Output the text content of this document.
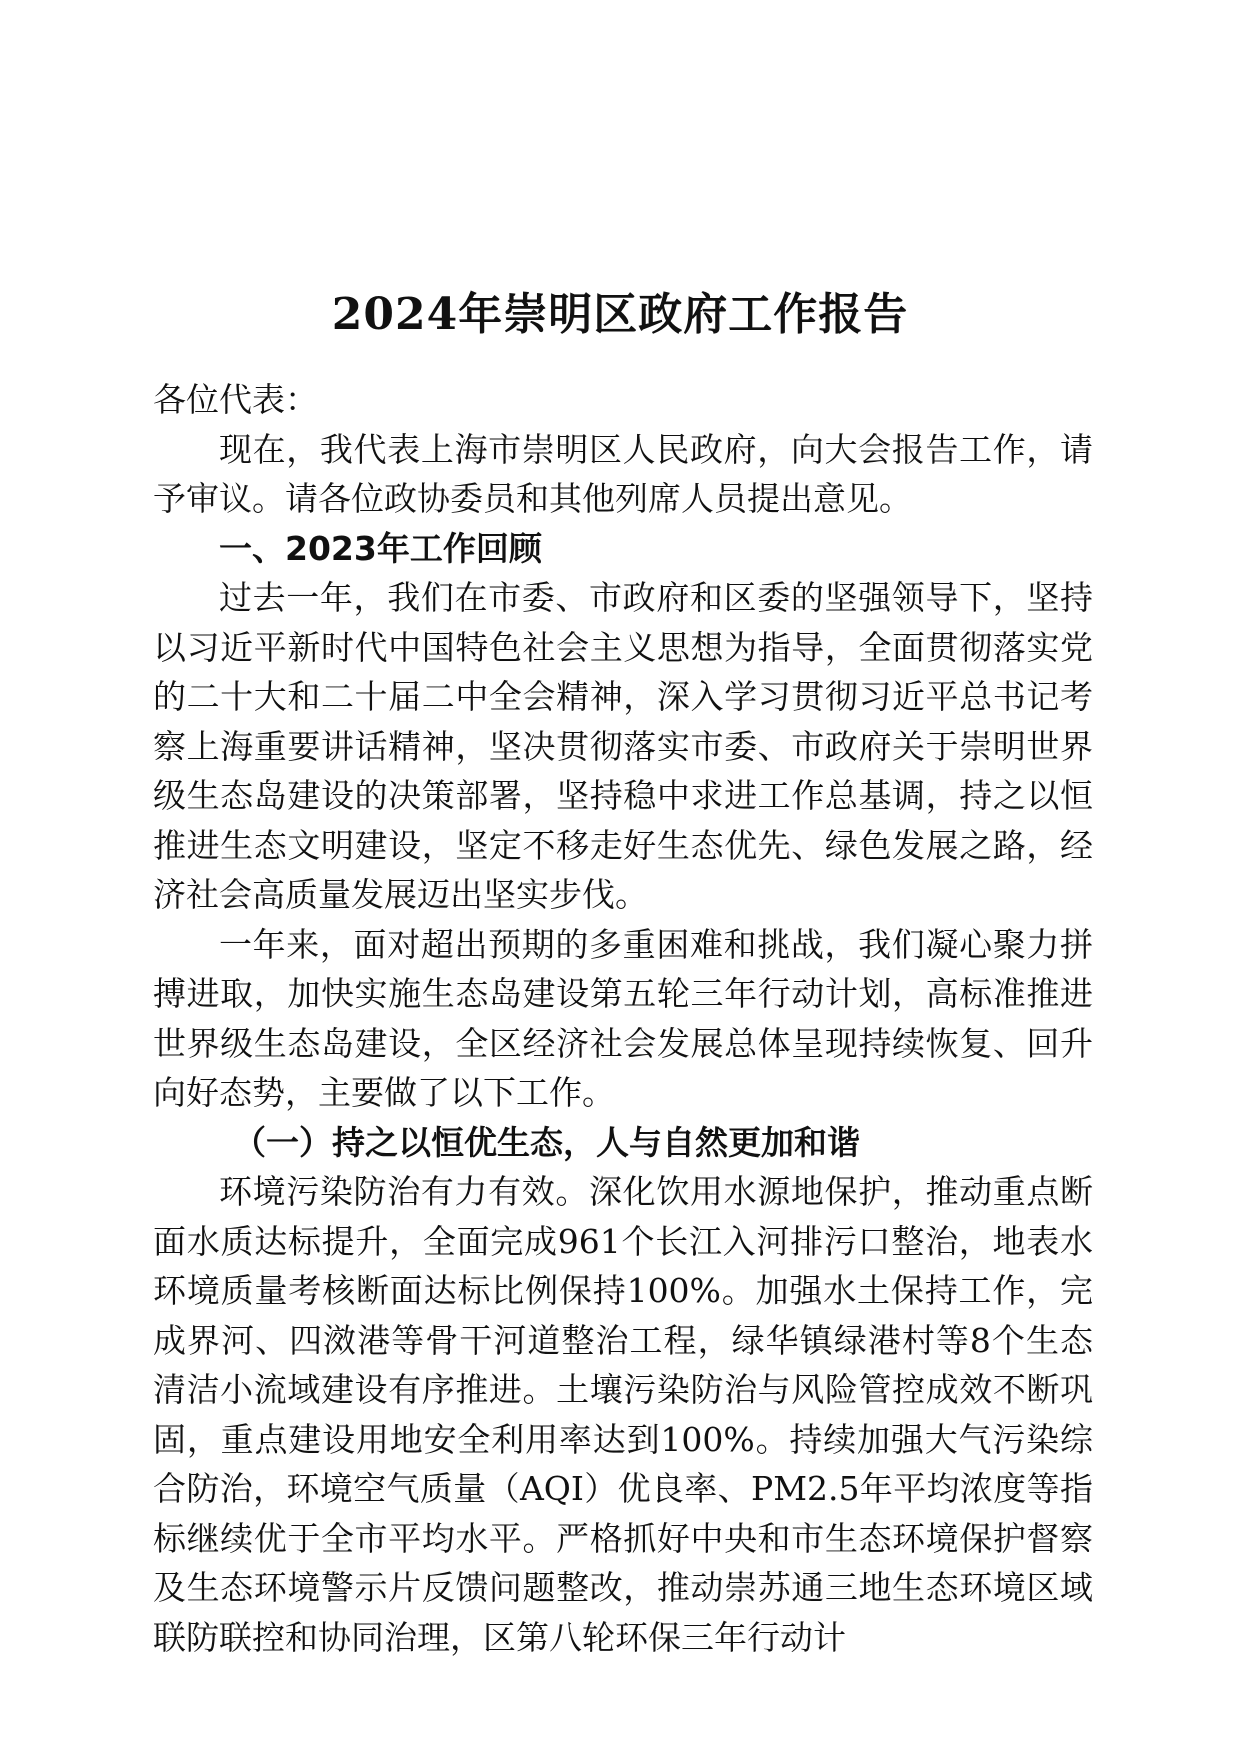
2024年崇明区政府工作报告

各位代表：

现在，我代表上海市崇明区人民政府，向大会报告工作，请予审议。请各位政协委员和其他列席人员提出意见。

一、2023年工作回顾

过去一年，我们在市委、市政府和区委的坚强领导下，坚持以习近平新时代中国特色社会主义思想为指导，全面贯彻落实党的二十大和二十届二中全会精神，深入学习贯彻习近平总书记考察上海重要讲话精神，坚决贯彻落实市委、市政府关于崇明世界级生态岛建设的决策部署，坚持稳中求进工作总基调，持之以恒推进生态文明建设，坚定不移走好生态优先、绿色发展之路，经济社会高质量发展迈出坚实步伐。

一年来，面对超出预期的多重困难和挑战，我们凝心聚力拼搏进取，加快实施生态岛建设第五轮三年行动计划，高标准推进世界级生态岛建设，全区经济社会发展总体呈现持续恢复、回升向好态势，主要做了以下工作。

（一）持之以恒优生态，人与自然更加和谐

环境污染防治有力有效。深化饮用水源地保护，推动重点断面水质达标提升，全面完成961个长江入河排污口整治，地表水环境质量考核断面达标比例保持100%。加强水土保持工作，完成界河、四滧港等骨干河道整治工程，绿华镇绿港村等8个生态清洁小流域建设有序推进。土壤污染防治与风险管控成效不断巩固，重点建设用地安全利用率达到100%。持续加强大气污染综合防治，环境空气质量（AQI）优良率、PM2.5年平均浓度等指标继续优于全市平均水平。严格抓好中央和市生态环境保护督察及生态环境警示片反馈问题整改，推动崇苏通三地生态环境区域联防联控和协同治理，区第八轮环保三年行动计
